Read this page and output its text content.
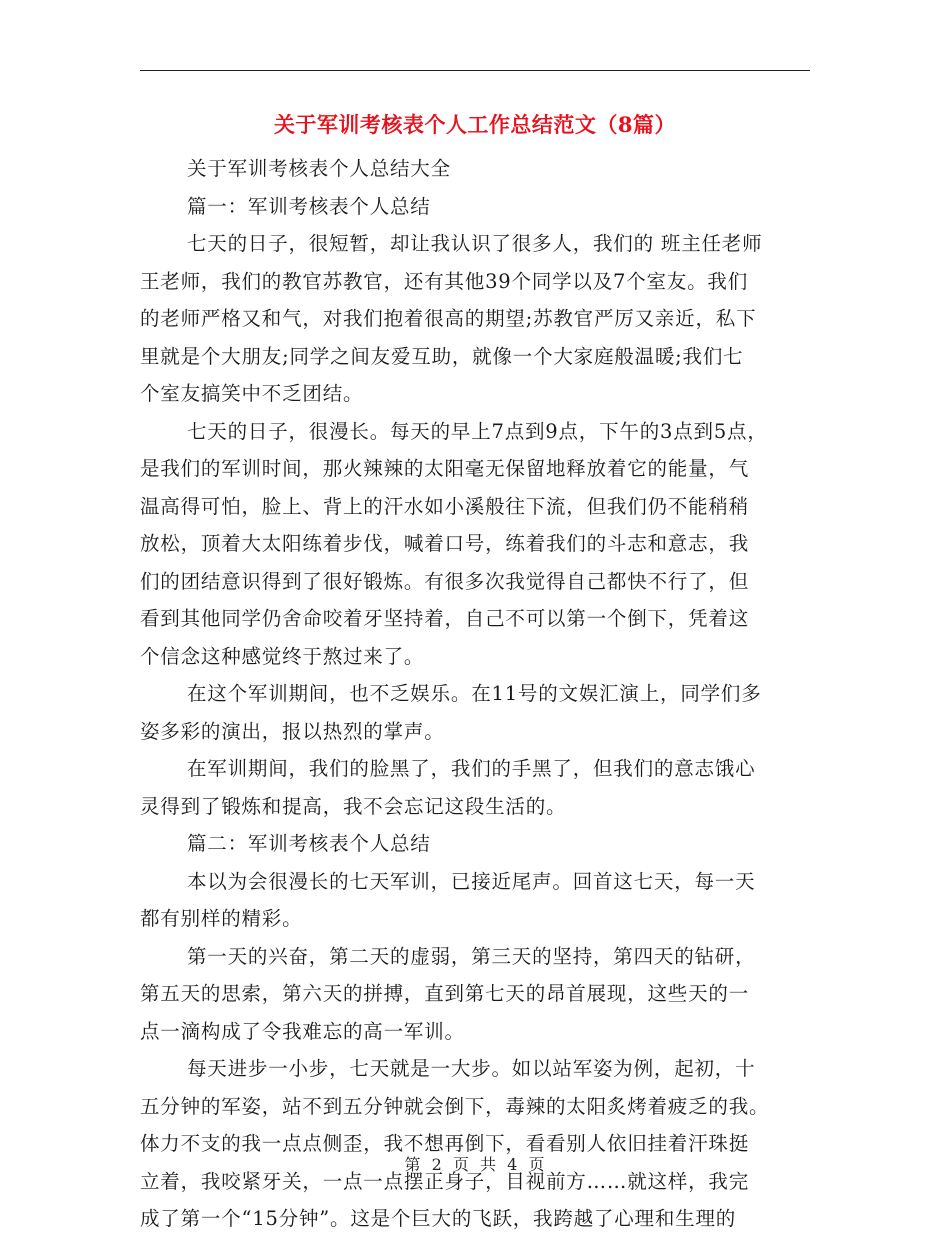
关于军训考核表个人工作总结范文（8篇）
关于军训考核表个人总结大全
篇一：军训考核表个人总结
七天的日子，很短暂，却让我认识了很多人，我们的 班主任老师
王老师，我们的教官苏教官，还有其他39个同学以及7个室友。我们
的老师严格又和气，对我们抱着很高的期望;苏教官严厉又亲近，私下
里就是个大朋友;同学之间友爱互助，就像一个大家庭般温暖;我们七
个室友搞笑中不乏团结。
七天的日子，很漫长。每天的早上7点到9点，下午的3点到5点，
是我们的军训时间，那火辣辣的太阳毫无保留地释放着它的能量，气
温高得可怕，脸上、背上的汗水如小溪般往下流，但我们仍不能稍稍
放松，顶着大太阳练着步伐，喊着口号，练着我们的斗志和意志，我
们的团结意识得到了很好锻炼。有很多次我觉得自己都快不行了，但
看到其他同学仍舍命咬着牙坚持着，自己不可以第一个倒下，凭着这
个信念这种感觉终于熬过来了。
在这个军训期间，也不乏娱乐。在11号的文娱汇演上，同学们多
姿多彩的演出，报以热烈的掌声。
在军训期间，我们的脸黑了，我们的手黑了，但我们的意志饿心
灵得到了锻炼和提高，我不会忘记这段生活的。
篇二：军训考核表个人总结
本以为会很漫长的七天军训，已接近尾声。回首这七天，每一天
都有别样的精彩。
第一天的兴奋，第二天的虚弱，第三天的坚持，第四天的钻研，
第五天的思索，第六天的拼搏，直到第七天的昂首展现，这些天的一
点一滴构成了令我难忘的高一军训。
每天进步一小步，七天就是一大步。如以站军姿为例，起初，十
五分钟的军姿，站不到五分钟就会倒下，毒辣的太阳炙烤着疲乏的我。
体力不支的我一点点侧歪，我不想再倒下，看看别人依旧挂着汗珠挺
立着，我咬紧牙关，一点一点摆正身子，目视前方……就这样，我完
成了第一个“15分钟”。这是个巨大的飞跃，我跨越了心理和生理的
第 2 页 共 4 页
